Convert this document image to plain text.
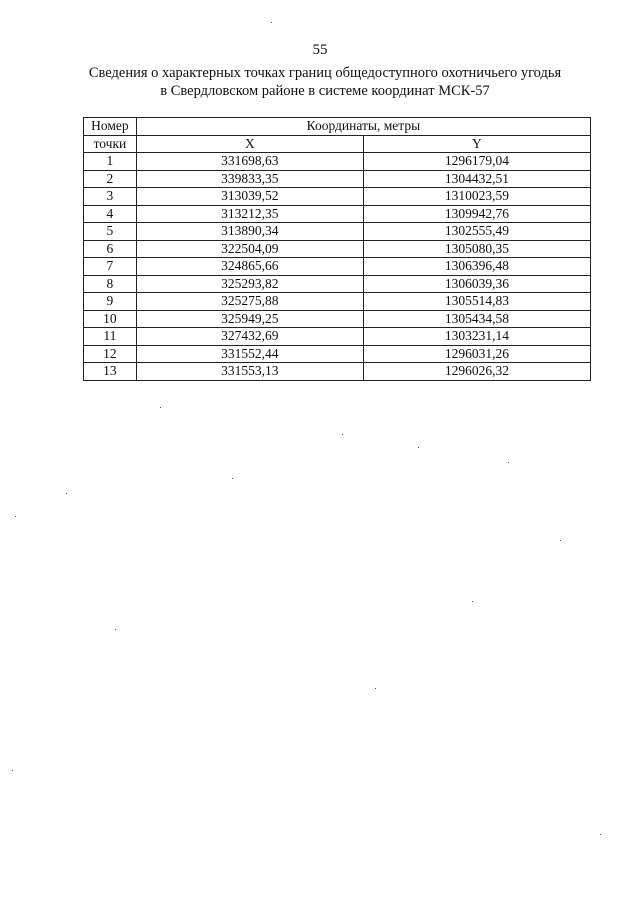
55
Сведения о характерных точках границ общедоступного охотничьего угодья
в Свердловском районе в системе координат МСК-57
Номер	Координаты, метры	
точки	X	Y
1	331698,63	1296179,04
2	339833,35	1304432,51
3	313039,52	1310023,59
4	313212,35	1309942,76
5	313890,34	1302555,49
6	322504,09	1305080,35
7	324865,66	1306396,48
8	325293,82	1306039,36
9	325275,88	1305514,83
10	325949,25	1305434,58
11	327432,69	1303231,14
12	331552,44	1296031,26
13	331553,13	1296026,32
